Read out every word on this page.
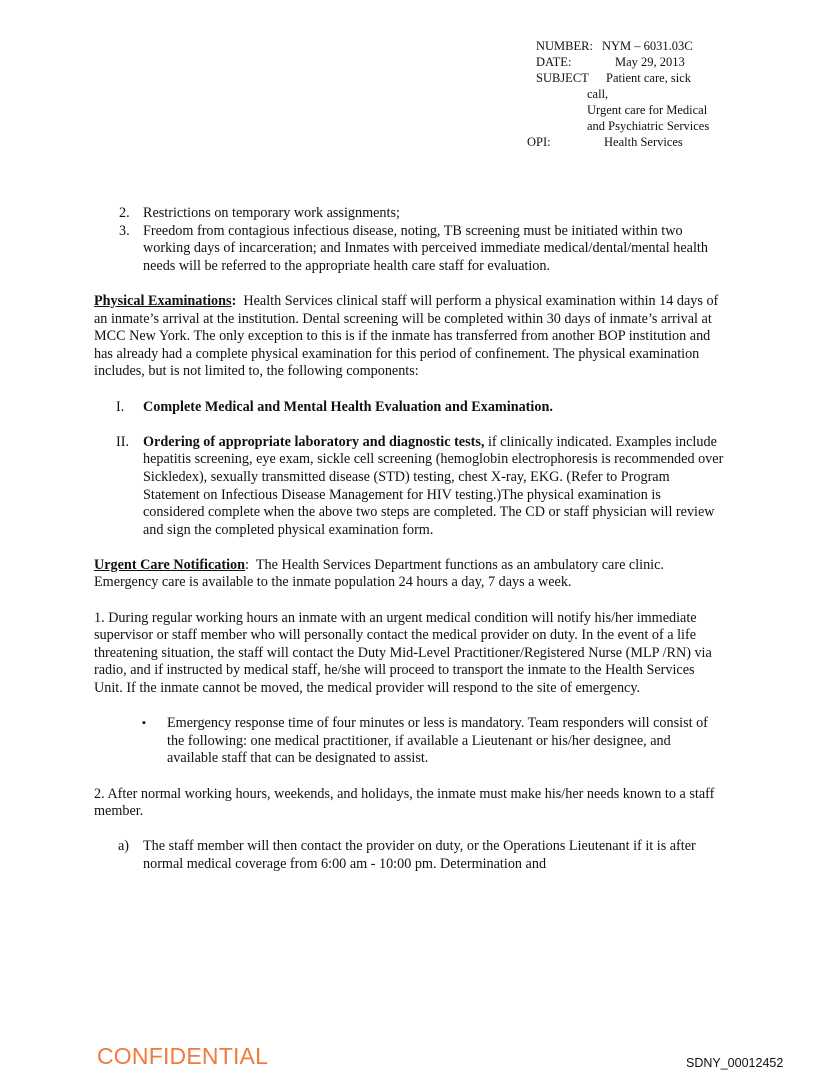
NUMBER: NYM – 6031.03C
DATE:	May 29, 2013
SUBJECT Patient care, sick
call,
Urgent care for Medical
and Psychiatric Services
OPI:	Health Services
2. Restrictions on temporary work assignments;
3. Freedom from contagious infectious disease, noting, TB screening must be initiated within two working days of incarceration; and Inmates with perceived immediate medical/dental/mental health needs will be referred to the appropriate health care staff for evaluation.

Physical Examinations: Health Services clinical staff will perform a physical examination within 14 days of an inmate’s arrival at the institution. Dental screening will be completed within 30 days of inmate’s arrival at MCC New York. The only exception to this is if the inmate has transferred from another BOP institution and has already had a complete physical examination for this period of confinement. The physical examination includes, but is not limited to, the following components:

I. Complete Medical and Mental Health Evaluation and Examination.
II. Ordering of appropriate laboratory and diagnostic tests, if clinically indicated. Examples include hepatitis screening, eye exam, sickle cell screening (hemoglobin electrophoresis is recommended over Sickledex), sexually transmitted disease (STD) testing, chest X-ray, EKG. (Refer to Program Statement on Infectious Disease Management for HIV testing.)The physical examination is considered complete when the above two steps are completed. The CD or staff physician will review and sign the completed physical examination form.

Urgent Care Notification: The Health Services Department functions as an ambulatory care clinic. Emergency care is available to the inmate population 24 hours a day, 7 days a week.

1. During regular working hours an inmate with an urgent medical condition will notify his/her immediate supervisor or staff member who will personally contact the medical provider on duty. In the event of a life threatening situation, the staff will contact the Duty Mid-Level Practitioner/Registered Nurse (MLP /RN) via radio, and if instructed by medical staff, he/she will proceed to transport the inmate to the Health Services Unit. If the inmate cannot be moved, the medical provider will respond to the site of emergency.

▪ Emergency response time of four minutes or less is mandatory. Team responders will consist of the following: one medical practitioner, if available a Lieutenant or his/her designee, and available staff that can be designated to assist.

2. After normal working hours, weekends, and holidays, the inmate must make his/her needs known to a staff member.

a) The staff member will then contact the provider on duty, or the Operations Lieutenant if it is after normal medical coverage from 6:00 am - 10:00 pm. Determination and
CONFIDENTIAL	SDNY_00012452
